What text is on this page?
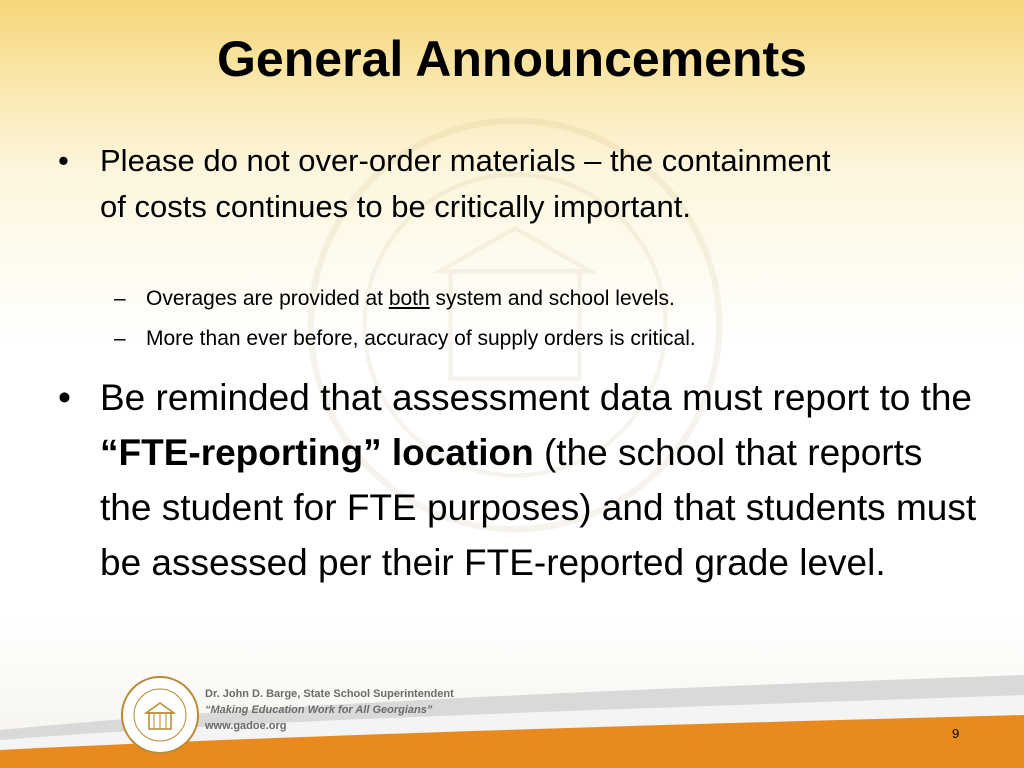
General Announcements
• Please do not over-order materials – the containment of costs continues to be critically important.
– Overages are provided at both system and school levels.
– More than ever before, accuracy of supply orders is critical.
• Be reminded that assessment data must report to the “FTE-reporting” location (the school that reports the student for FTE purposes) and that students must be assessed per their FTE-reported grade level.
Dr. John D. Barge, State School Superintendent
“Making Education Work for All Georgians”
www.gadoe.org	9
